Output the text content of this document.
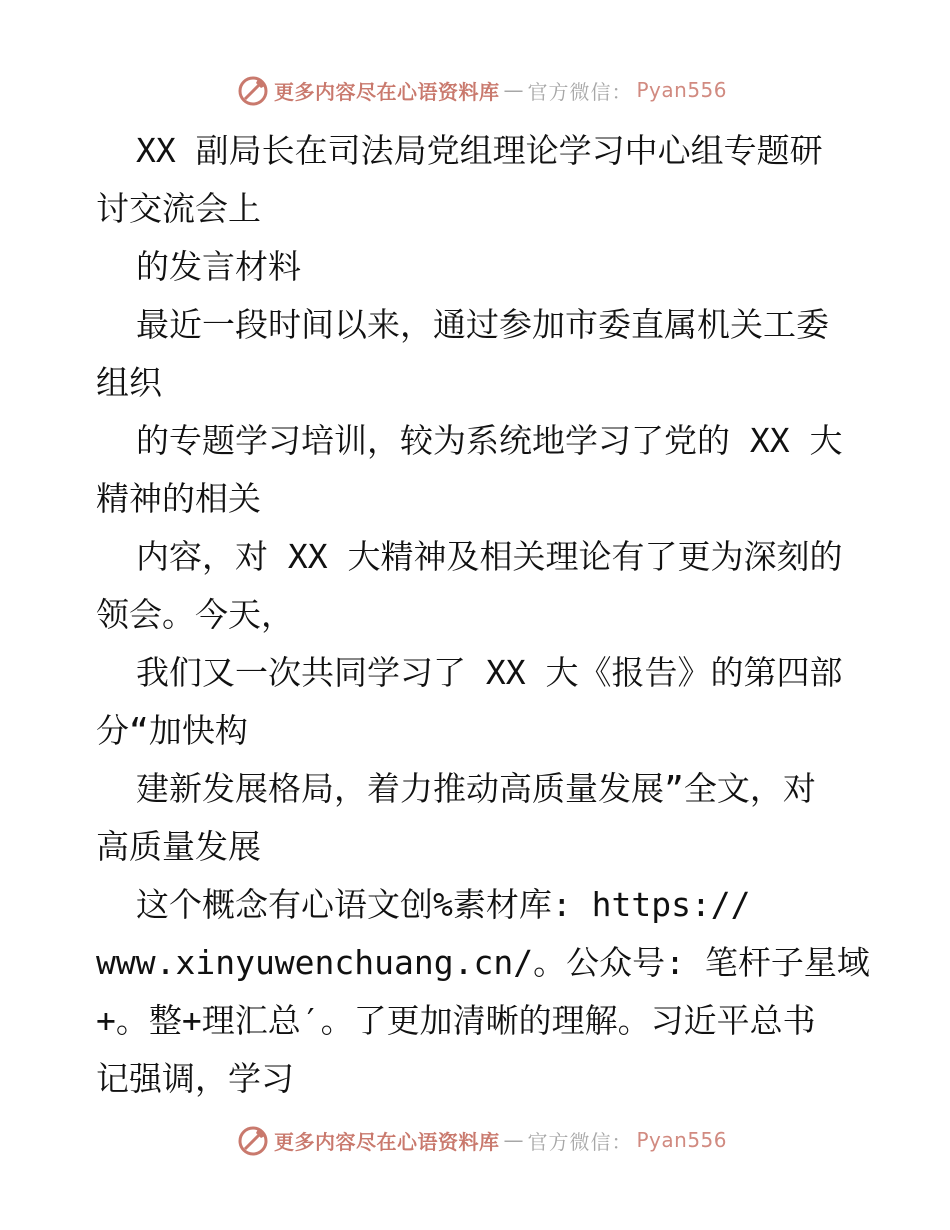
更多内容尽在心语资料库 — 官方微信： Pyan556

XX 副局长在司法局党组理论学习中心组专题研

讨交流会上

的发言材料

最近一段时间以来，通过参加市委直属机关工委

组织

的专题学习培训，较为系统地学习了党的 XX 大

精神的相关

内容，对 XX 大精神及相关理论有了更为深刻的

领会。今天，

我们又一次共同学习了 XX 大《报告》的第四部

分“加快构

建新发展格局，着力推动高质量发展”全文，对

高质量发展

这个概念有心语文创%素材库: https://

www.xinyuwenchuang.cn/。公众号: 笔杆子星域

+。整+理汇总′。了更加清晰的理解。习近平总书

记强调，学习

更多内容尽在心语资料库 — 官方微信： Pyan556
